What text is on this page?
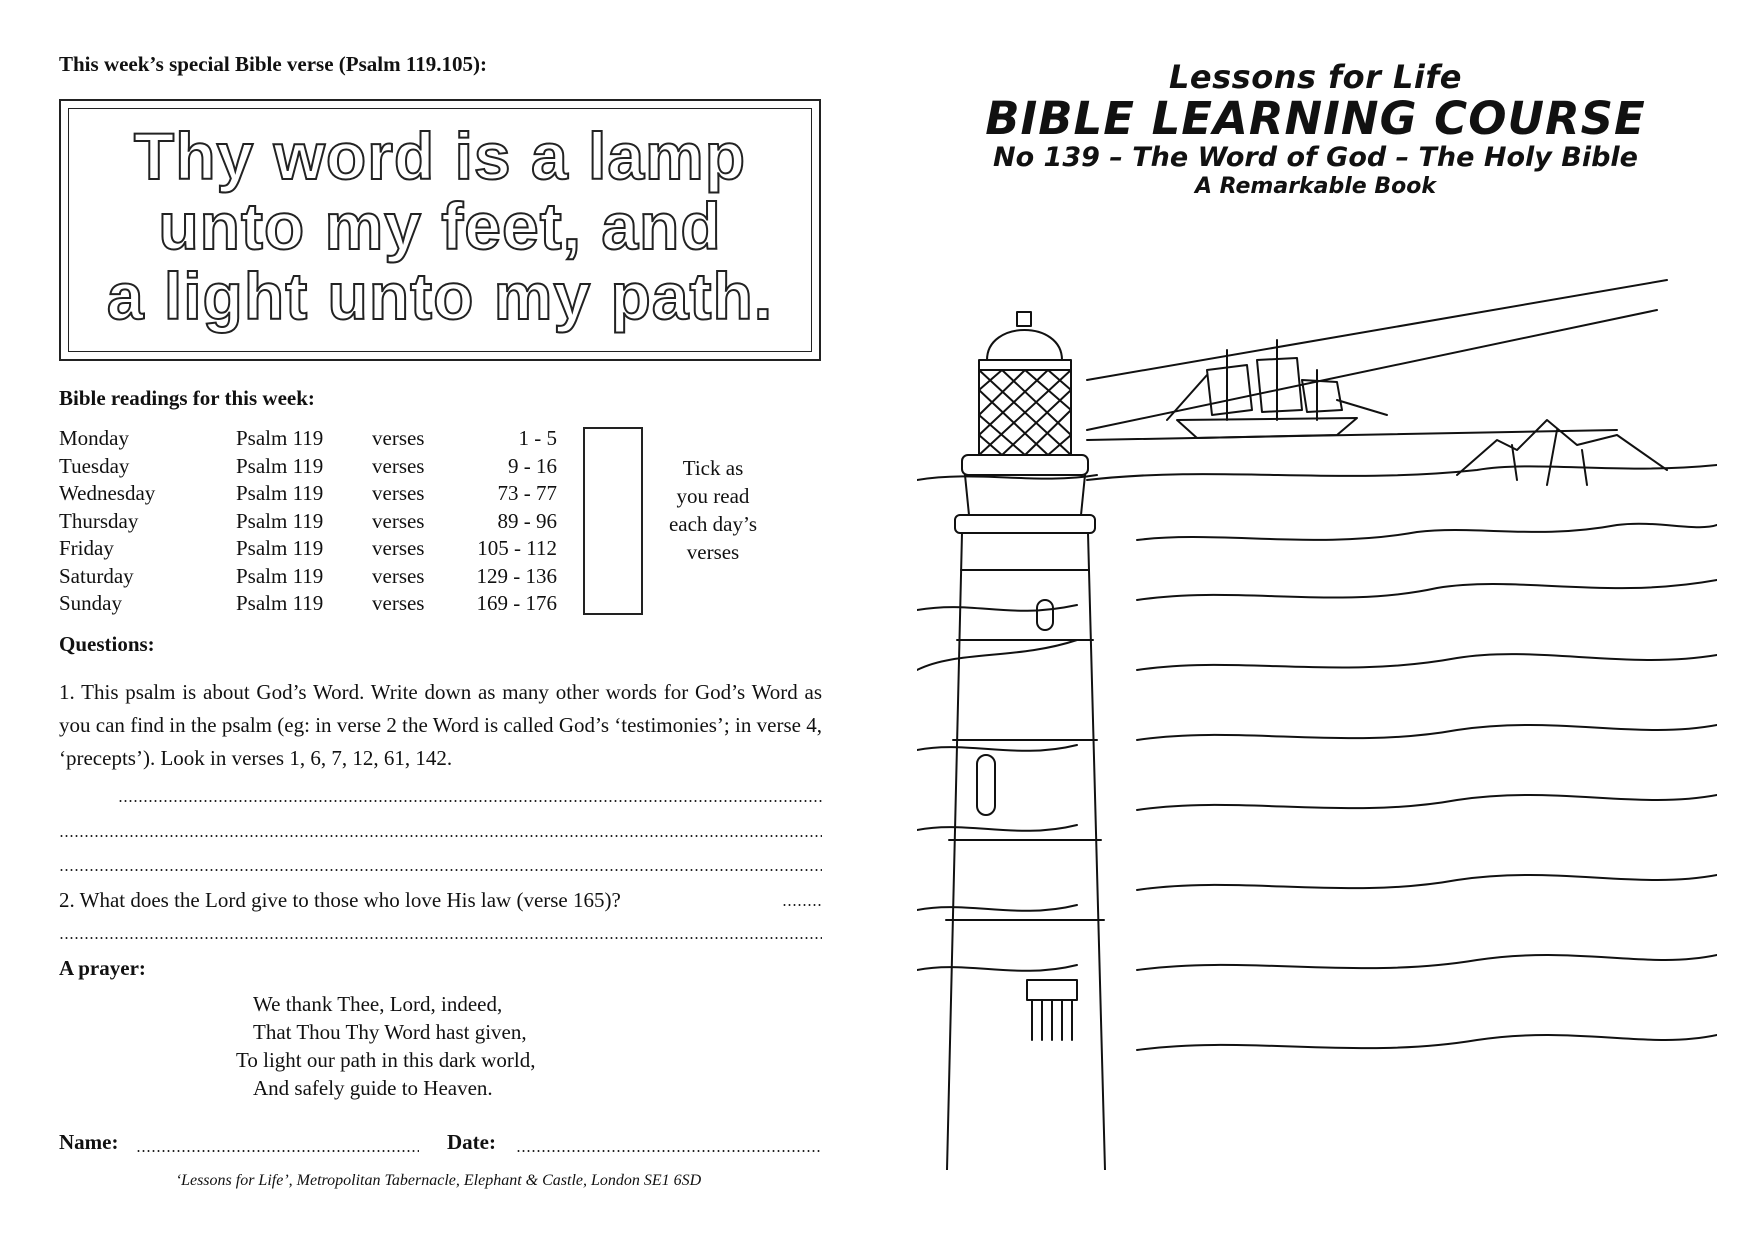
This week’s special Bible verse (Psalm 119.105):
Thy word is a lamp
unto my feet, and
a light unto my path.
Bible readings for this week:
Monday	Psalm 119 verses	1 - 5
Tuesday	Psalm 119 verses	9 - 16
Wednesday	Psalm 119 verses	73 - 77
Thursday	Psalm 119 verses	89 - 96
Friday	Psalm 119 verses	105 - 112
Saturday	Psalm 119 verses	129 - 136
Sunday	Psalm 119 verses	169 - 176
Tick as
you read
each day’s
verses
Questions:
1. This psalm is about God’s Word. Write down as many other words for God’s Word as you can find in the psalm (eg: in verse 2 the Word is called God’s ‘testimonies’; in verse 4, ‘precepts’). Look in verses 1, 6, 7, 12, 61, 142.
2. What does the Lord give to those who love His law (verse 165)?
A prayer:
We thank Thee, Lord, indeed,
That Thou Thy Word hast given,
To light our path in this dark world,
And safely guide to Heaven.
Name:	Date:
‘Lessons for Life’, Metropolitan Tabernacle, Elephant & Castle, London SE1 6SD
Lessons for Life
BIBLE LEARNING COURSE
No 139 – The Word of God – The Holy Bible
A Remarkable Book
